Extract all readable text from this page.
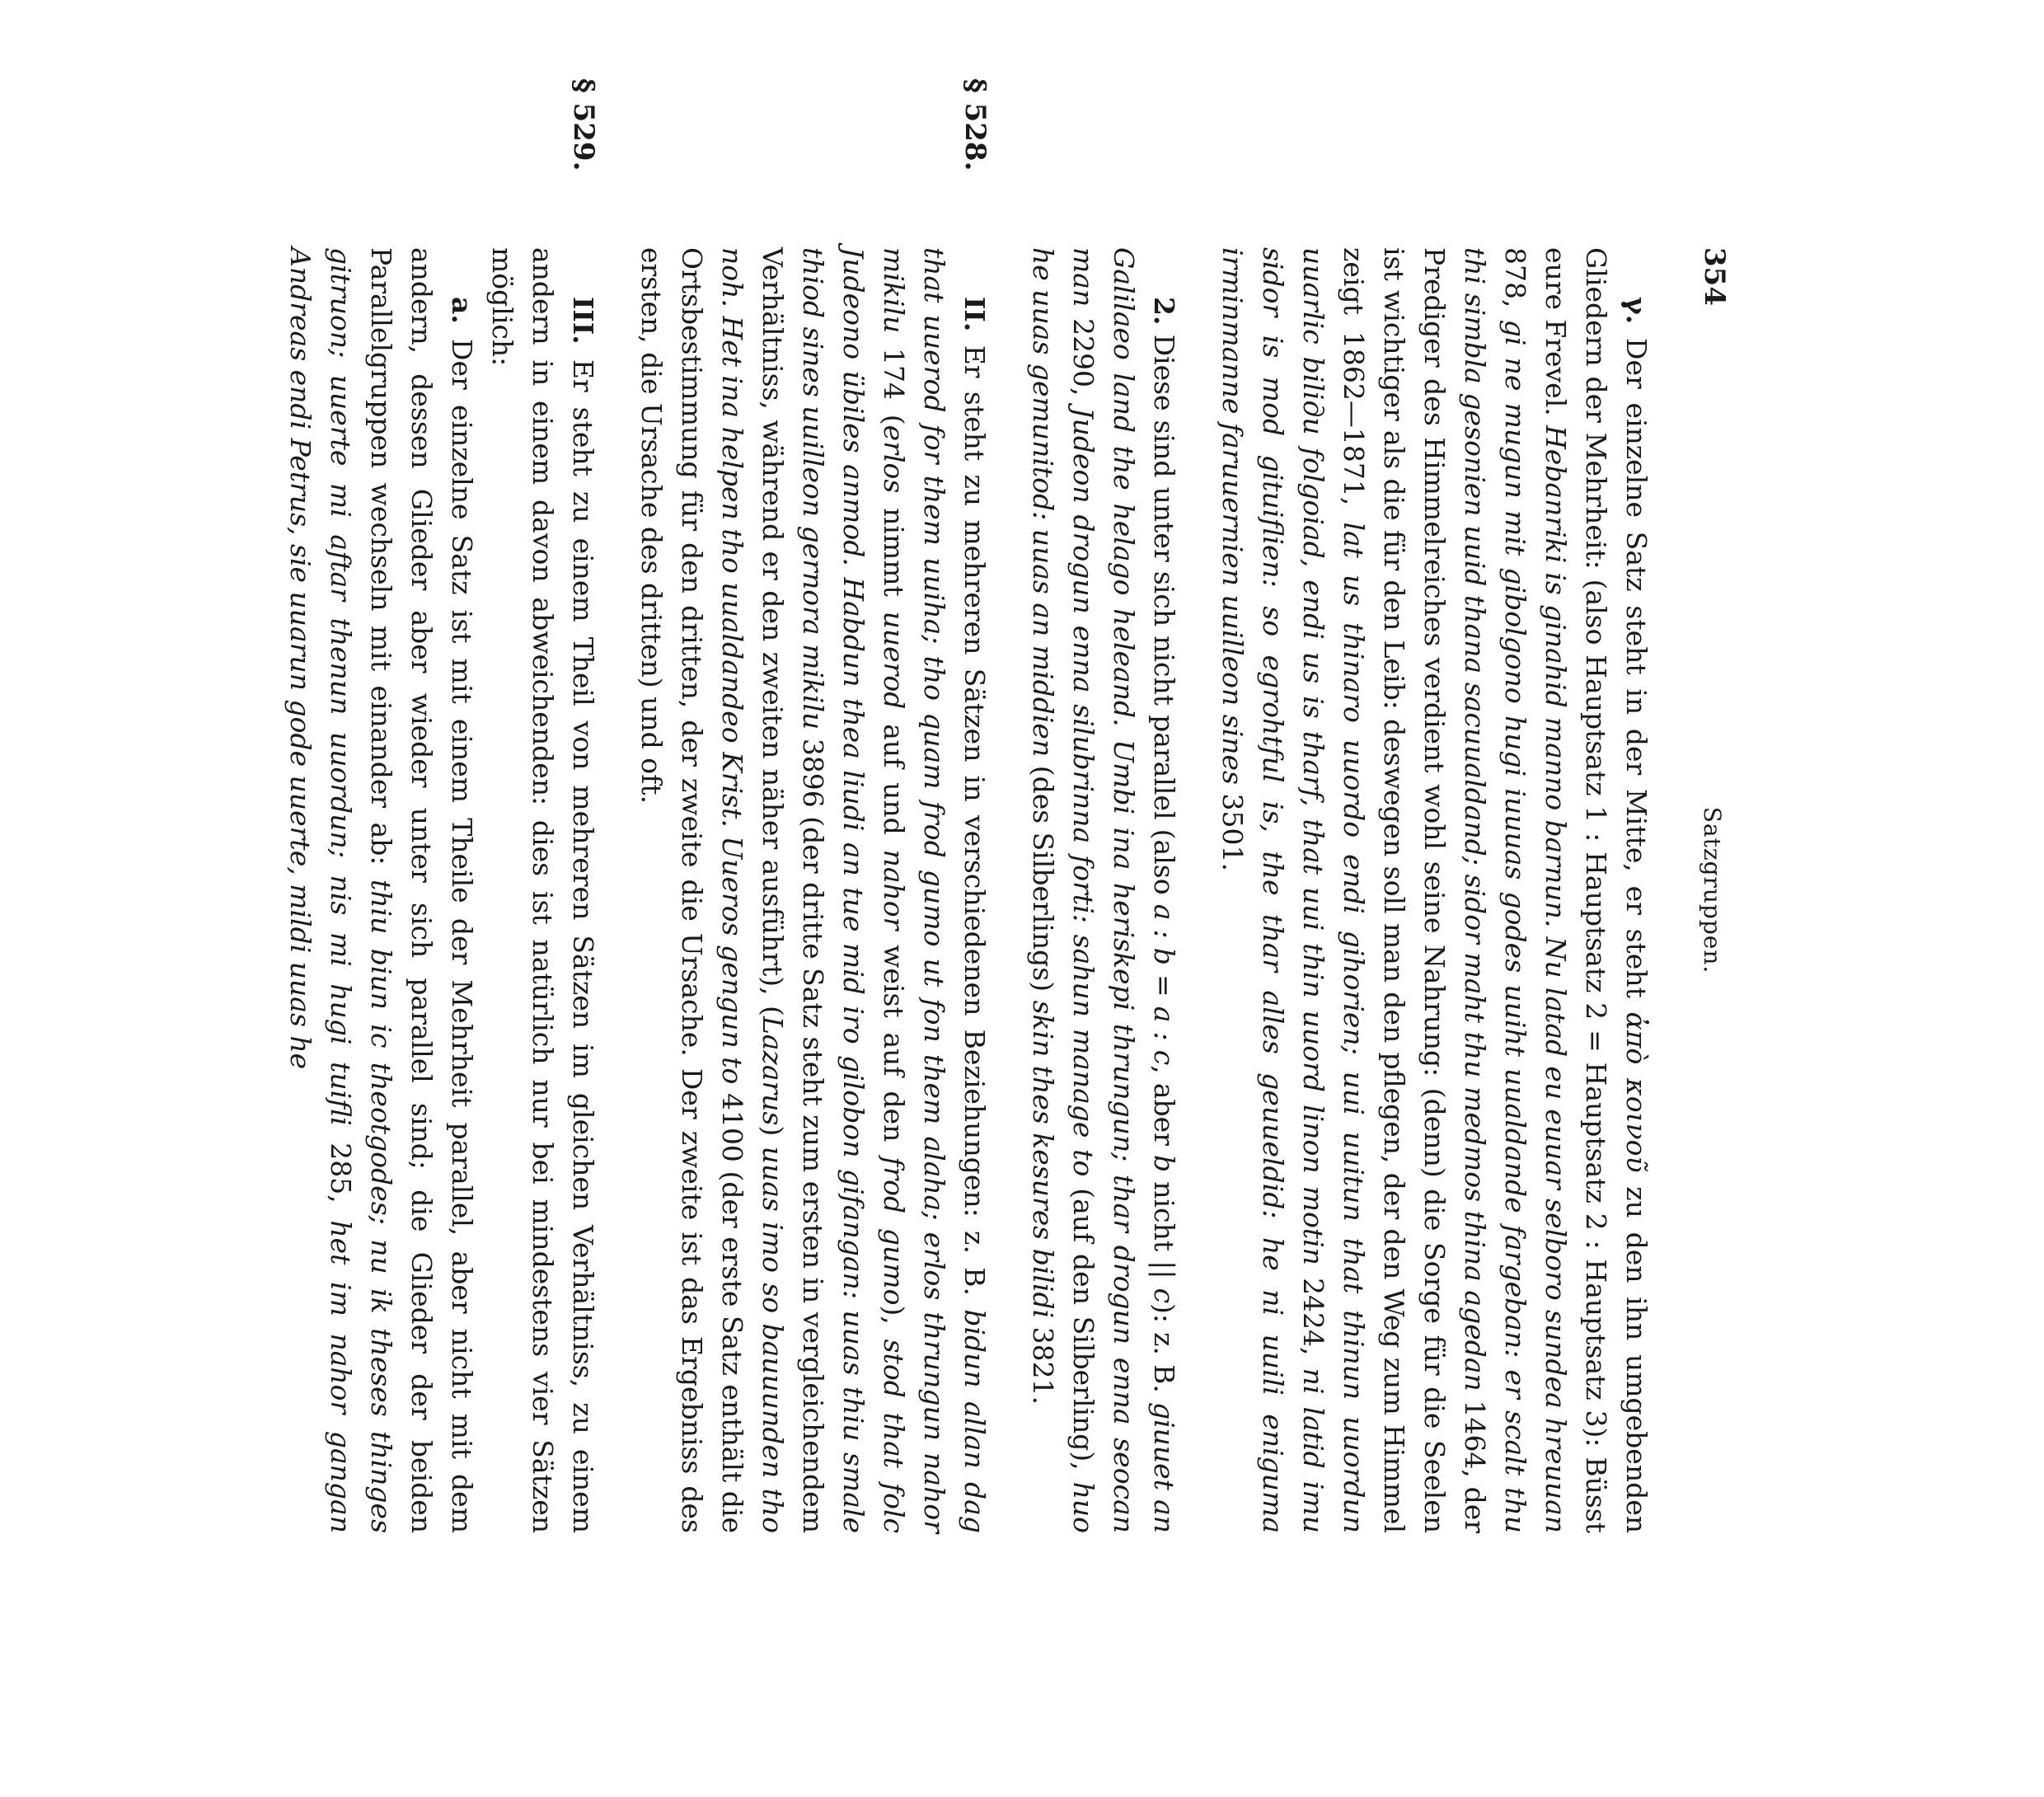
354
Satzgruppen.

γ. Der einzelne Satz steht in der Mitte, er steht ἀπὸ κοινοῦ zu den ihn umgebenden Gliedern der Mehrheit: (also Hauptsatz 1 : Hauptsatz 2 = Hauptsatz 2 : Hauptsatz 3): Büsst eure Frevel. Hebanriki is ginahid manno barnun. Nu latad eu euuar selboro sundea hreuuan 878, gi ne mugun mit gibolgono hugi iuuuas godes uuiht uualdande fargeban: er scalt thu thi simbla gesonien uuid thana sacuualdand; sidor maht thu medmos thina agedan 1464, der Prediger des Himmelreiches verdient wohl seine Nahrung: (denn) die Sorge für die Seelen ist wichtiger als die für den Leib: deswegen soll man den pflegen, der den Weg zum Himmel zeigt 1862—1871, lat us thinaro uuordo endi gihorien; uui uuitun that thinun uuordun uuarlic biliди folgoiad, endi us is tharf, that uui thin uuord linon motin 2424, ni latid imu sidor is mod gituiflien: so egrohtful is, the thar alles geuueldid: he ni uuili eniguma irminmanne faruuernien uuilleon sines 3501.

2. Diese sind unter sich nicht parallel (also a : b = a : c, aber b nicht || c): z. B. giuuet an Galilaeo land the helago heleand. Umbi ina heriskepi thrungun; thar drogun enna seocan man 2290, Judeon drogun enna silubrinna forti: sahun manage to (auf den Silberling), huo he uuas gemunitod: uuas an middien (des Silberlings) skin thes kesures bilidi 3821.

§ 528.
II. Er steht zu mehreren Sätzen in verschiedenen Beziehungen: z. B. bidun allan dag that uuerod for them uuiha; tho quam frod gumo ut fon them alaha; erlos thrungun nahor mikilu 174 (erlos nimmt uuerod auf und nahor weist auf den frod gumo), stod that folc Judeono übiles anmod. Habdun thea liudi an tue mid iro gilobon gifangan: uuas thiu smale thiod sines uuilleon gernora mikilu 3896 (der dritte Satz steht zum ersten in vergleichendem Verhältniss, während er den zweiten näher ausführt), (Lazarus) uuas imo so bauuunden tho noh. Het ina helpen tho uualdandeo Krist. Uueros gengun to 4100 (der erste Satz enthält die Ortsbestimmung für den dritten, der zweite die Ursache. Der zweite ist das Ergebniss des ersten, die Ursache des dritten) und oft.

§ 529.
III. Er steht zu einem Theil von mehreren Sätzen im gleichen Verhältniss, zu einem andern in einem davon abweichenden: dies ist natürlich nur bei mindestens vier Sätzen möglich:

a. Der einzelne Satz ist mit einem Theile der Mehrheit parallel, aber nicht mit dem andern, dessen Glieder aber wieder unter sich parallel sind; die Glieder der beiden Parallelgruppen wechseln mit einander ab: thiu biun ic theotgodes; nu ik theses thinges gitruon; uuerte mi aftar thenun uuordun; nis mi hugi tuifli 285, het im nahor gangan Andreas endi Petrus, sie uuarun gode uuerte, mildi uuas he
